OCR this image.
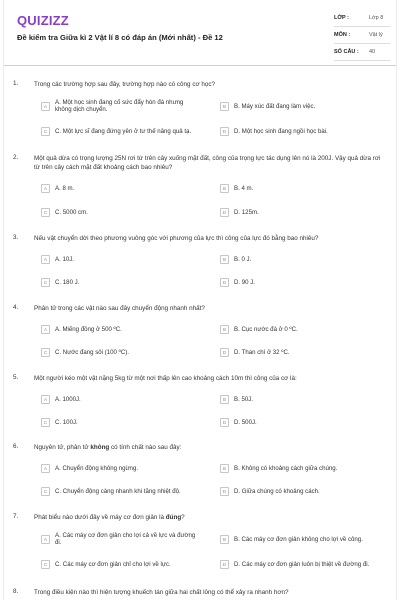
QUIZIZZ
Đề kiểm tra Giữa kì 2 Vật lí 8 có đáp án (Mới nhất) - Đề 12
LỚP :	Lớp 8
MÔN :	Vật lý
SỐ CÂU : 40
1. Trong các trường hợp sau đây, trường hợp nào có công cơ học?
A	A. Một học sinh đang cố sức đẩy hòn đá nhưng không dịch chuyển.	B	B. Máy xúc đất đang làm việc.
C	C. Một lực sĩ đang đứng yên ở tư thế nâng quả tạ.	D	D. Một học sinh đang ngồi học bài.
2. Một quả dừa có trọng lượng 25N rơi từ trên cây xuống mặt đất, công của trọng lực tác dụng lên nó là 200J. Vậy quả dừa rơi từ trên cây cách mặt đất khoảng cách bao nhiêu?
A	A. 8 m.	B	B. 4 m.
C	C. 5000 cm.	D	D. 125m.
3. Nếu vật chuyển dời theo phương vuông góc với phương của lực thì công của lực đó bằng bao nhiêu?
A	A. 10J.	B	B. 0 J.
C	C. 180 J.	D	D. 90 J.
4. Phân tử trong các vật nào sau đây chuyển động nhanh nhất?
A	A. Miếng đồng ở 500 ºC.	B	B. Cục nước đá ở 0 ºC.
C	C. Nước đang sôi (100 ºC).	D	D. Than chì ở 32 ºC.
5. Một người kéo một vật nặng 5kg từ một nơi thấp lên cao khoảng cách 10m thì công của cơ là:
A	A. 1000J.	B	B. 50J.
C	C. 100J.	D	D. 500J.
6. Nguyên tử, phân tử không có tính chất nào sau đây:
A	A. Chuyển động không ngừng.	B	B. Không có khoảng cách giữa chúng.
C	C. Chuyển động càng nhanh khi tăng nhiệt độ.	D	D. Giữa chúng có khoảng cách.
7. Phát biểu nào dưới đây về máy cơ đơn giản là đúng?
A	A. Các máy cơ đơn giản cho lợi cả về lực và đường đi.	B	B. Các máy cơ đơn giản không cho lợi về công.
C	C. Các máy cơ đơn giản chỉ cho lợi về lực.	D	D. Các máy cơ đơn giản luôn bị thiệt về đường đi.
8. Trong điều kiện nào thì hiện tượng khuếch tán giữa hai chất lỏng có thể xảy ra nhanh hơn?
